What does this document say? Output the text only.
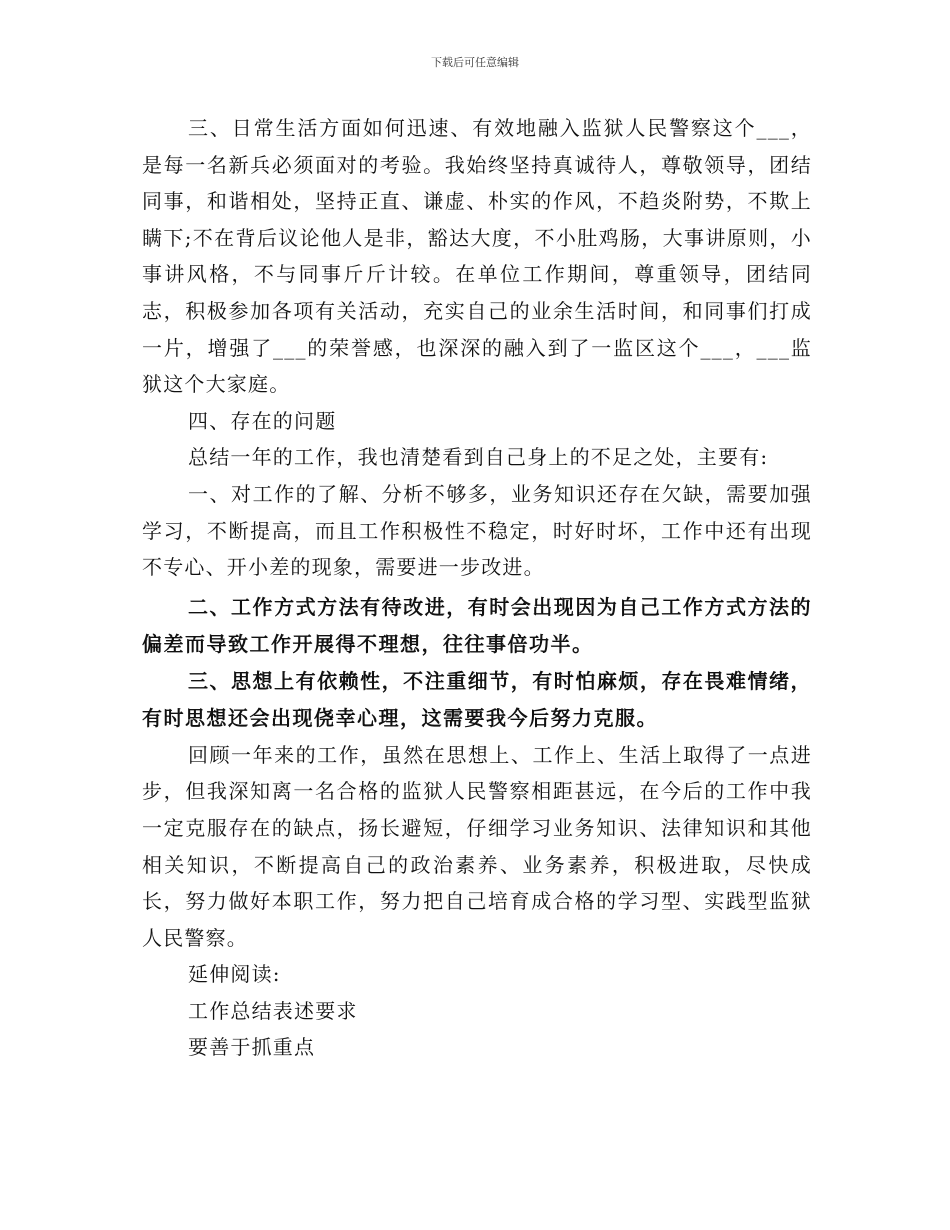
下载后可任意编辑

三、日常生活方面如何迅速、有效地融入监狱人民警察这个___，是每一名新兵必须面对的考验。我始终坚持真诚待人，尊敬领导，团结同事，和谐相处，坚持正直、谦虚、朴实的作风，不趋炎附势，不欺上瞒下;不在背后议论他人是非，豁达大度，不小肚鸡肠，大事讲原则，小事讲风格，不与同事斤斤计较。在单位工作期间，尊重领导，团结同志，积极参加各项有关活动，充实自己的业余生活时间，和同事们打成一片，增强了___的荣誉感，也深深的融入到了一监区这个___，___监狱这个大家庭。

四、存在的问题

总结一年的工作，我也清楚看到自己身上的不足之处，主要有:

一、对工作的了解、分析不够多，业务知识还存在欠缺，需要加强学习，不断提高，而且工作积极性不稳定，时好时坏，工作中还有出现不专心、开小差的现象，需要进一步改进。

二、工作方式方法有待改进，有时会出现因为自己工作方式方法的偏差而导致工作开展得不理想，往往事倍功半。

三、思想上有依赖性，不注重细节，有时怕麻烦，存在畏难情绪，有时思想还会出现侥幸心理，这需要我今后努力克服。

回顾一年来的工作，虽然在思想上、工作上、生活上取得了一点进步，但我深知离一名合格的监狱人民警察相距甚远，在今后的工作中我一定克服存在的缺点，扬长避短，仔细学习业务知识、法律知识和其他相关知识，不断提高自己的政治素养、业务素养，积极进取，尽快成长，努力做好本职工作，努力把自己培育成合格的学习型、实践型监狱人民警察。

延伸阅读:

工作总结表述要求

要善于抓重点
